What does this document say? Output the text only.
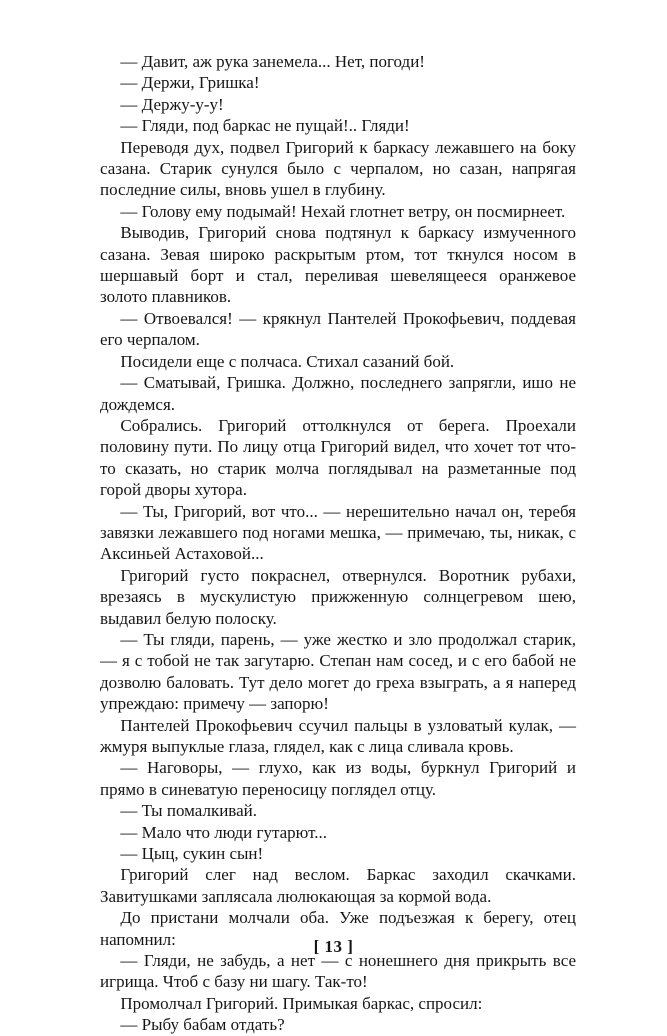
— Давит, аж рука занемела... Нет, погоди!

— Держи, Гришка!

— Держу-у-у!

— Гляди, под баркас не пущай!.. Гляди!

Переводя дух, подвел Григорий к баркасу лежавшего на боку сазана. Старик сунулся было с черпалом, но сазан, напрягая последние силы, вновь ушел в глубину.

— Голову ему подымай! Нехай глотнет ветру, он посмирнеет.

Выводив, Григорий снова подтянул к баркасу измученного сазана. Зевая широко раскрытым ртом, тот ткнулся носом в шершавый борт и стал, переливая шевелящееся оранжевое золото плавников.

— Отвоевался! — крякнул Пантелей Прокофьевич, поддевая его черпалом.

Посидели еще с полчаса. Стихал сазаний бой.

— Сматывай, Гришка. Должно, последнего запрягли, ишо не дождемся.

Собрались. Григорий оттолкнулся от берега. Проехали половину пути. По лицу отца Григорий видел, что хочет тот что-то сказать, но старик молча поглядывал на разметанные под горой дворы хутора.

— Ты, Григорий, вот что... — нерешительно начал он, теребя завязки лежавшего под ногами мешка, — примечаю, ты, никак, с Аксиньей Астаховой...

Григорий густо покраснел, отвернулся. Воротник рубахи, врезаясь в мускулистую прижженную солнцегревом шею, выдавил белую полоску.

— Ты гляди, парень, — уже жестко и зло продолжал старик, — я с тобой не так загутарю. Степан нам сосед, и с его бабой не дозволю баловать. Тут дело могет до греха взыграть, а я наперед упреждаю: примечу — запорю!

Пантелей Прокофьевич ссучил пальцы в узловатый кулак, — жмуря выпуклые глаза, глядел, как с лица сливала кровь.

— Наговоры, — глухо, как из воды, буркнул Григорий и прямо в синеватую переносицу поглядел отцу.

— Ты помалкивай.

— Мало что люди гутарют...

— Цыц, сукин сын!

Григорий слег над веслом. Баркас заходил скачками. Завитушками заплясала люлюкающая за кормой вода.

До пристани молчали оба. Уже подъезжая к берегу, отец напомнил:

— Гляди, не забудь, а нет — с нонешнего дня прикрыть все игрища. Чтоб с базу ни шагу. Так-то!

Промолчал Григорий. Примыкая баркас, спросил:

— Рыбу бабам отдать?

[ 13 ]
